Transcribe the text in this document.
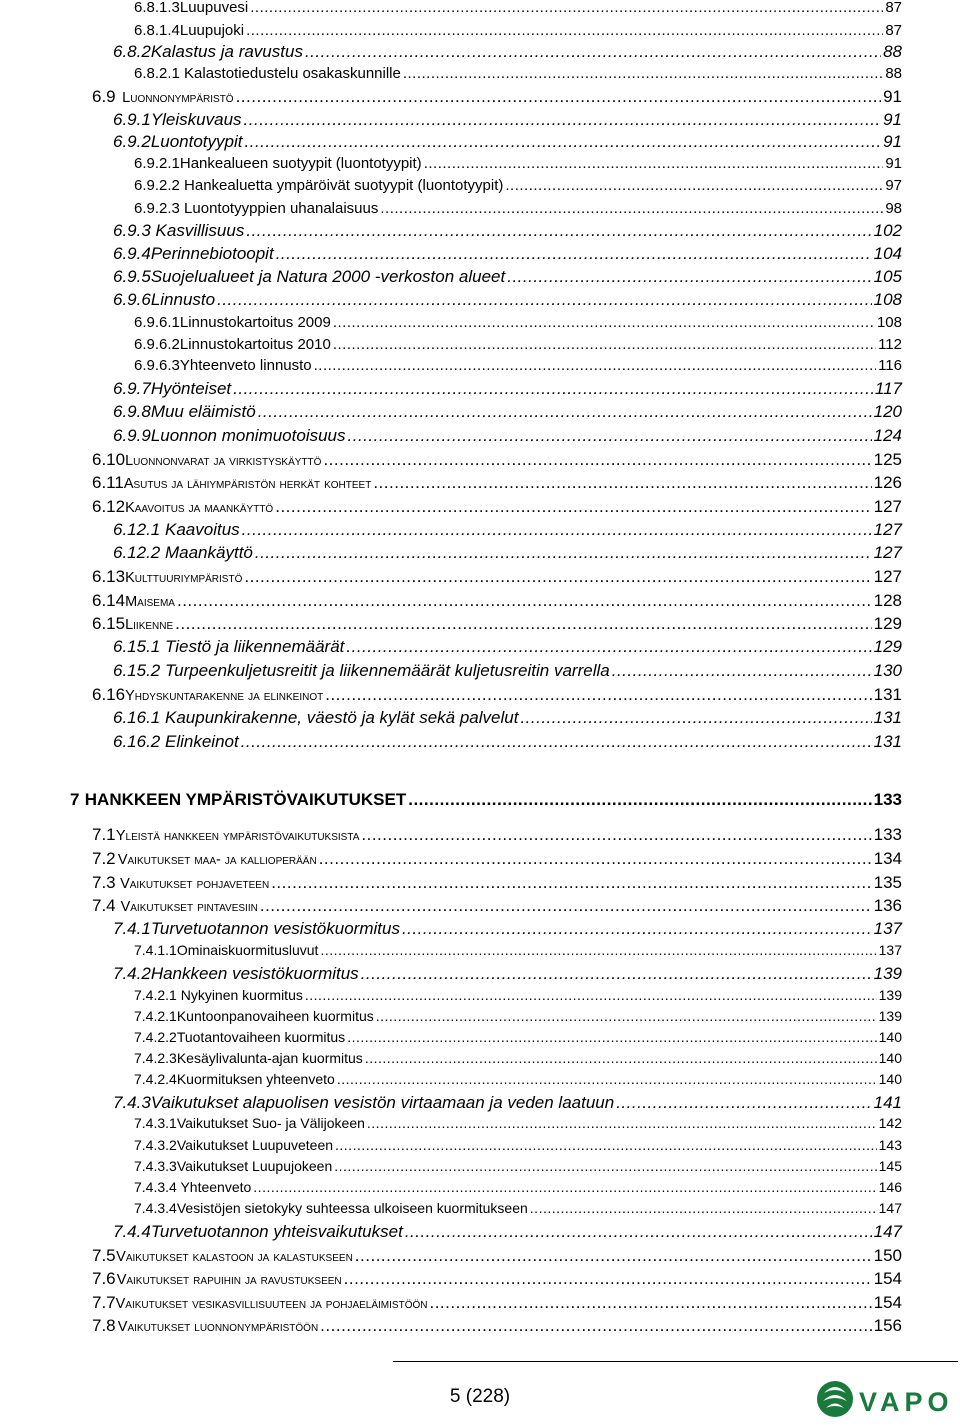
6.8.1.3 Luupuvesi .....	87
6.8.1.4 Luupujoki .....	87
6.8.2 Kalastus ja ravustus .....	88
6.8.2.1 Kalastotiedustelu osakaskunnille .....	88
6.9 Luonnonympäristö .....	91
6.9.1 Yleiskuvaus .....	91
6.9.2 Luontotyypit .....	91
6.9.2.1 Hankealueen suotyypit (luontotyypit) .....	91
6.9.2.2 Hankealuetta ympäröivät suotyypit (luontotyypit) .....	97
6.9.2.3 Luontotyyppien uhanalaisuus .....	98
6.9.3 Kasvillisuus .....	102
6.9.4 Perinnebiotoopit .....	104
6.9.5 Suojelualueet ja Natura 2000 -verkoston alueet .....	105
6.9.6 Linnusto .....	108
6.9.6.1 Linnustokartoitus 2009 .....	108
6.9.6.2 Linnustokartoitus 2010 .....	112
6.9.6.3 Yhteenveto linnusto .....	116
6.9.7 Hyönteiset .....	117
6.9.8 Muu eläimistö .....	120
6.9.9 Luonnon monimuotoisuus .....	124
6.10 Luonnonvarat ja virkistyskäyttö .....	125
6.11 Asutus ja lähiympäristön herkät kohteet .....	126
6.12 Kaavoitus ja maankäyttö .....	127
6.12.1 Kaavoitus .....	127
6.12.2 Maankäyttö .....	127
6.13 Kulttuuriympäristö .....	127
6.14 Maisema .....	128
6.15 Liikenne .....	129
6.15.1 Tiestö ja liikennemäärät .....	129
6.15.2 Turpeenkuljetusreitit ja liikennemäärät kuljetusreitin varrella .....	130
6.16 Yhdyskuntarakenne ja elinkeinot .....	131
6.16.1 Kaupunkirakenne, väestö ja kylät sekä palvelut .....	131
6.16.2 Elinkeinot .....	131
7 HANKKEEN YMPÄRISTÖVAIKUTUKSET .....	133
7.1 Yleistä hankkeen ympäristövaikutuksista .....	133
7.2 Vaikutukset maa- ja kallioperään .....	134
7.3 Vaikutukset pohjaveteen .....	135
7.4 Vaikutukset pintavesiin .....	136
7.4.1 Turvetuotannon vesistökuormitus .....	137
7.4.1.1 Ominaiskuormitusluvut .....	137
7.4.2 Hankkeen vesistökuormitus .....	139
7.4.2.1 Nykyinen kuormitus .....	139
7.4.2.1 Kuntoonpanovaiheen kuormitus .....	139
7.4.2.2 Tuotantovaiheen kuormitus .....	140
7.4.2.3 Kesäylivalunta-ajan kuormitus .....	140
7.4.2.4 Kuormituksen yhteenveto .....	140
7.4.3 Vaikutukset alapuolisen vesistön virtaamaan ja veden laatuun .....	141
7.4.3.1 Vaikutukset Suo- ja Välijokeen .....	142
7.4.3.2 Vaikutukset Luupuveteen .....	143
7.4.3.3 Vaikutukset Luupujokeen .....	145
7.4.3.4 Yhteenveto .....	146
7.4.3.4 Vesistöjen sietokyky suhteessa ulkoiseen kuormitukseen .....	147
7.4.4 Turvetuotannon yhteisvaikutukset .....	147
7.5 Vaikutukset kalastoon ja kalastukseen .....	150
7.6 Vaikutukset rapuihin ja ravustukseen .....	154
7.7 Vaikutukset vesikasvillisuuteen ja pohjaeläimistöön .....	154
7.8 Vaikutukset luonnonympäristöön .....	156
5 (228)	VAPO
